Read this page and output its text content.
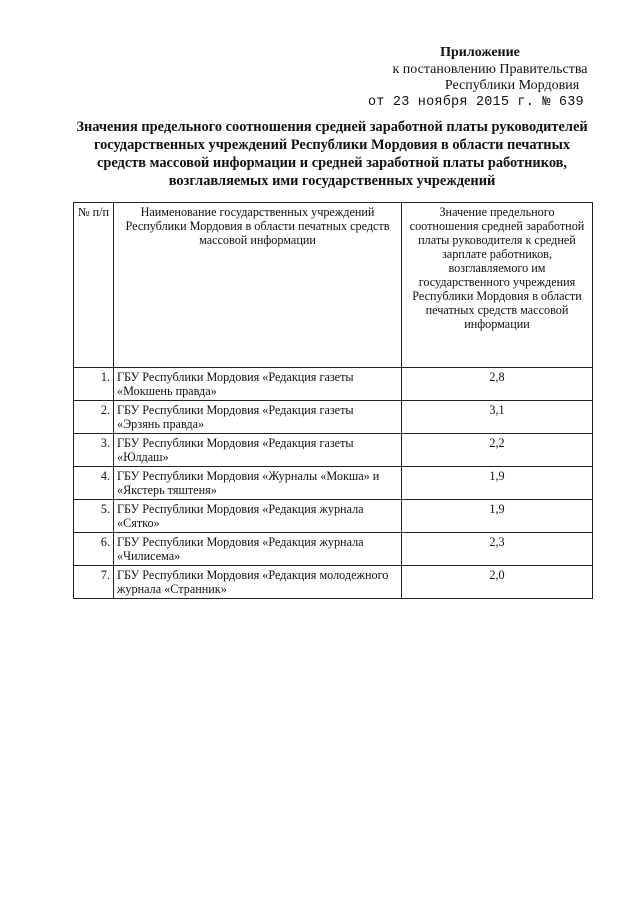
Приложение
к постановлению Правительства
Республики Мордовия
от 23 ноября 2015 г. № 639
Значения предельного соотношения средней заработной платы руководителей государственных учреждений Республики Мордовия в области печатных средств массовой информации и средней заработной платы работников, возглавляемых ими государственных учреждений
№ п/п	Наименование государственных учреждений Республики Мордовия в области печатных средств массовой информации	Значение предельного соотношения средней заработной платы руководителя к средней зарплате работников, возглавляемого им государственного учреждения Республики Мордовия в области печатных средств массовой информации
1.	ГБУ Республики Мордовия «Редакция газеты «Мокшень правда»	2,8
2.	ГБУ Республики Мордовия «Редакция газеты «Эрзянь правда»	3,1
3.	ГБУ Республики Мордовия «Редакция газеты «Юлдаш»	2,2
4.	ГБУ Республики Мордовия «Журналы «Мокша» и «Якстерь тяштеня»	1,9
5.	ГБУ Республики Мордовия «Редакция журнала «Сятко»	1,9
6.	ГБУ Республики Мордовия «Редакция журнала «Чилисема»	2,3
7.	ГБУ Республики Мордовия «Редакция молодежного журнала «Странник»	2,0
